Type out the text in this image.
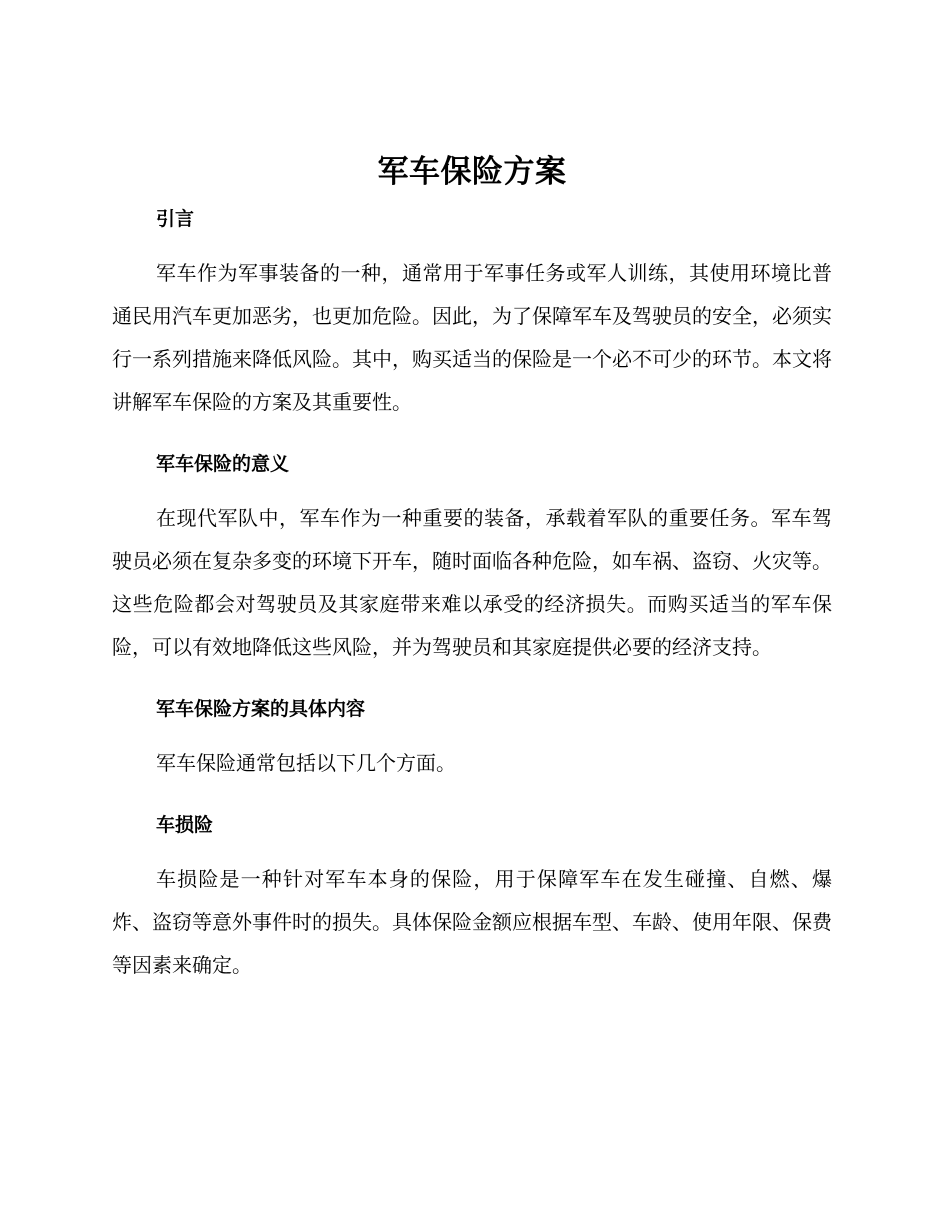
军车保险方案
引言

军车作为军事装备的一种，通常用于军事任务或军人训练，其使用环境比普通民用汽车更加恶劣，也更加危险。因此，为了保障军车及驾驶员的安全，必须实行一系列措施来降低风险。其中，购买适当的保险是一个必不可少的环节。本文将讲解军车保险的方案及其重要性。

军车保险的意义

在现代军队中，军车作为一种重要的装备，承载着军队的重要任务。军车驾驶员必须在复杂多变的环境下开车，随时面临各种危险，如车祸、盗窃、火灾等。这些危险都会对驾驶员及其家庭带来难以承受的经济损失。而购买适当的军车保险，可以有效地降低这些风险，并为驾驶员和其家庭提供必要的经济支持。

军车保险方案的具体内容

军车保险通常包括以下几个方面。

车损险

车损险是一种针对军车本身的保险，用于保障军车在发生碰撞、自燃、爆炸、盗窃等意外事件时的损失。具体保险金额应根据车型、车龄、使用年限、保费等因素来确定。
